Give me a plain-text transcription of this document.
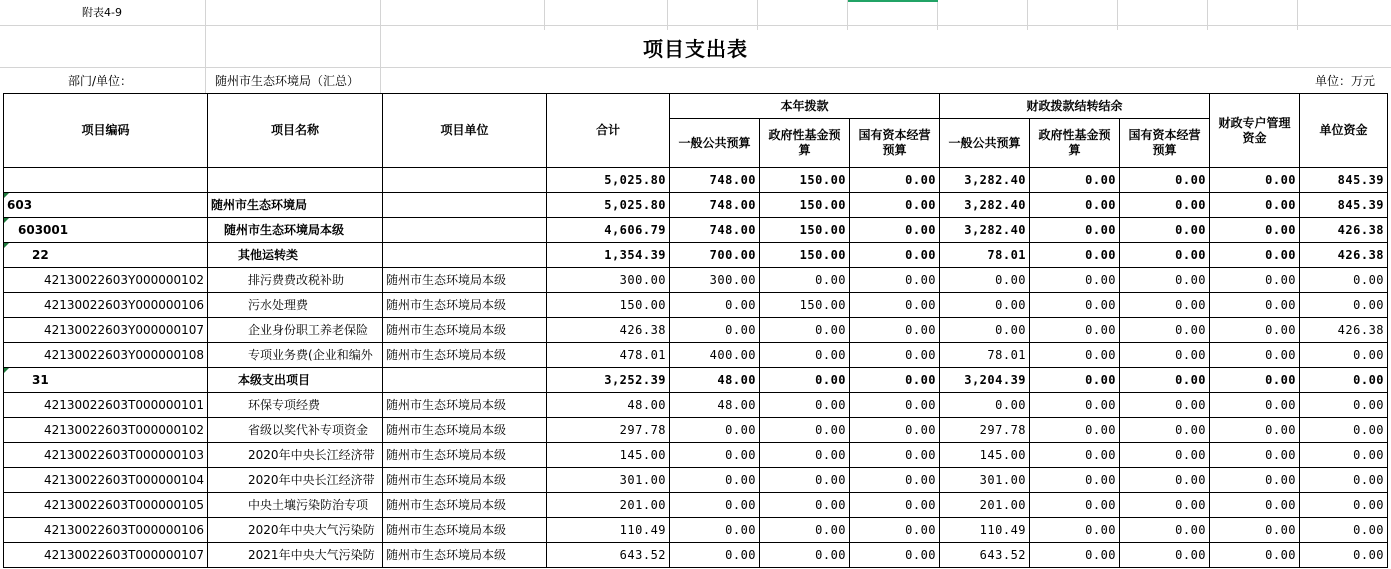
附表4-9
项目支出表
部门/单位：	随州市生态环境局（汇总）	单位：万元
项目编码	项目名称	项目单位	合计	本年拨款			财政拨款结转结余			财政专户管理资金	单位资金
				一般公共预算	政府性基金预算	国有资本经营预算	一般公共预算	政府性基金预算	国有资本经营预算		
			5,025.80	748.00	150.00	0.00	3,282.40	0.00	0.00	0.00	845.39
603	随州市生态环境局		5,025.80	748.00	150.00	0.00	3,282.40	0.00	0.00	0.00	845.39
603001	随州市生态环境局本级		4,606.79	748.00	150.00	0.00	3,282.40	0.00	0.00	0.00	426.38
22	其他运转类		1,354.39	700.00	150.00	0.00	78.01	0.00	0.00	0.00	426.38
42130022603Y000000102	排污费费改税补助	随州市生态环境局本级	300.00	300.00	0.00	0.00	0.00	0.00	0.00	0.00	0.00
42130022603Y000000106	污水处理费	随州市生态环境局本级	150.00	0.00	150.00	0.00	0.00	0.00	0.00	0.00	0.00
42130022603Y000000107	企业身份职工养老保险	随州市生态环境局本级	426.38	0.00	0.00	0.00	0.00	0.00	0.00	0.00	426.38
42130022603Y000000108	专项业务费(企业和编外	随州市生态环境局本级	478.01	400.00	0.00	0.00	78.01	0.00	0.00	0.00	0.00
31	本级支出项目		3,252.39	48.00	0.00	0.00	3,204.39	0.00	0.00	0.00	0.00
42130022603T000000101	环保专项经费	随州市生态环境局本级	48.00	48.00	0.00	0.00	0.00	0.00	0.00	0.00	0.00
42130022603T000000102	省级以奖代补专项资金	随州市生态环境局本级	297.78	0.00	0.00	0.00	297.78	0.00	0.00	0.00	0.00
42130022603T000000103	2020年中央长江经济带	随州市生态环境局本级	145.00	0.00	0.00	0.00	145.00	0.00	0.00	0.00	0.00
42130022603T000000104	2020年中央长江经济带	随州市生态环境局本级	301.00	0.00	0.00	0.00	301.00	0.00	0.00	0.00	0.00
42130022603T000000105	中央土壤污染防治专项	随州市生态环境局本级	201.00	0.00	0.00	0.00	201.00	0.00	0.00	0.00	0.00
42130022603T000000106	2020年中央大气污染防	随州市生态环境局本级	110.49	0.00	0.00	0.00	110.49	0.00	0.00	0.00	0.00
42130022603T000000107	2021年中央大气污染防	随州市生态环境局本级	643.52	0.00	0.00	0.00	643.52	0.00	0.00	0.00	0.00
